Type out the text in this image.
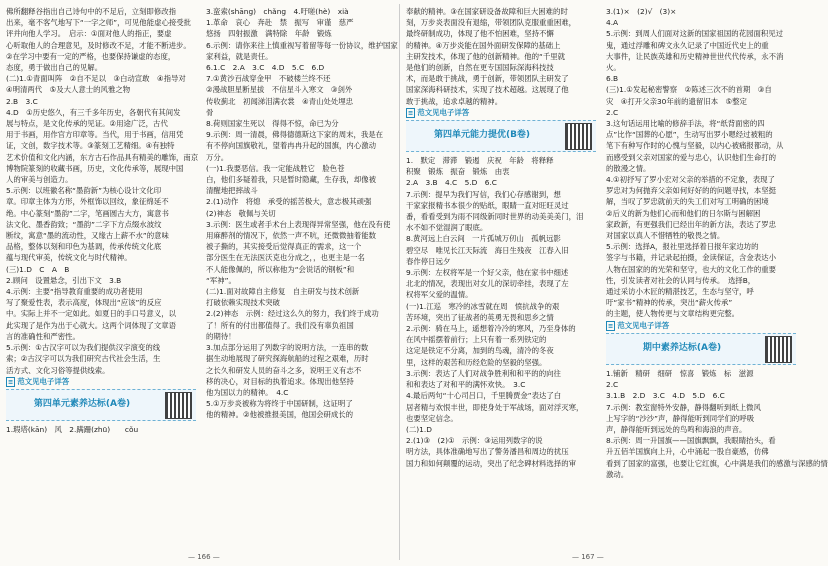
佛所翻释谷指出自己诗句中的不足后，立刻即修改指
出来，毫不客气地写下“一字之师”，可见他能虚心接受批
评并向他人学习。　启示：①面对他人的指正，要虚
心听取他人的合理意见，及时修改不足，才能不断进步。
②在学习中要有一定的严格，也要保持谦虚的态度，
态度，勇于做出自己的见解。
(二)1.①青面叫阵　②自不足以　③白动宣敢　④指导对
④明清两代　⑤及大人意士的风雅之物
2.B　3.C
4.D　①历史悠久，有三千多年历史，各朝代有其间发
展与特点，是文化传承的见证。②用途广泛，古代
用于书画，用作官方印章等。当代，用于书画，信用凭
证，文创，数字技术等。③篆刻工艺精细。④有独特
艺术价值和文化内涵，东方古石作品具有精美的雕饰，南京
博物院篆刻的收藏书画，历史，文化传承等，展现中国
人的审美与创造力。
5.示例：以班徽名称“墨韵新”为核心设计文化印
章。印章主体为方形，外框饰以回纹，象征绵延不
绝。中心篆刻“墨韵”二字，笔画圆古大方，寓意书
法文化、墨香韵致；“墨韵”二字下方点缀水波纹
断纹，寓意“墨的流动性，又缘古上薪不水”的意味
品格，整体以刻和印色为基调，传承传统文化底
蕴与现代审美，传统文化与时代精神。
(三)1.D　C　A　B
2.顾问　设置悬念，引出下文　3.B
4.示例：主要“指导教育重要的成功者使用
写了聚爱性表，表示高度，体现出“应该”的反应
中。实际上并不一定如此。如夏日的手口号意义，以
此实现了是作为出于心就大。这两个词体现了文章语
言的准确性和严密性。
5.示例：①古汉字可以为我们提供汉字演变的线
索；②古汉字可以为我们研究古代社会生活，生
活方式、文化习俗等提供线索。
≡ 范文见电子详答
第四单元素养达标(A卷)
1.瑕塔(kān)　风　2.蹒跚(zhū)　　cǒu
3.蛮索(shāng)　chǎng　4.吁嗟(hè)　xià
1.革命　哀心　奔赴　禁　振写　审谨　慈严
悠扬　四射振激　满特除　年龄　锻炼
6.示例：请你来往上慎重视写着留等每一份协议，维护国家
家利益，就是责任。
6.1.C　2.A　3.C　4.D　5.C　6.D
7.①黄沙百战穿金甲　不破楼兰终不还
②漫战胆星断星拔　不信星斗入寒文　③剑外
传收蓟北　初闻涕泪满衣裳　④青山处处埋忠
骨
8.荷则国家生死以　得得不惊，命已为分
9.示例：周一清晨，佛得德德斯这下家的周末，我是在
有不停向国旗敬礼，望着冉冉升起的国旗，内心激动
万分。
(一)1.我要恶信。我一定能战胜它　脸色苍
白，他们多疑着我，只是暂时隐藏，生存我，却像被
清醒地把摔战斗
2.(1)动作　将熄　承受的摇苦极大，意志极其顽强
(2)神态　敬佩与关切
3.示例：医生或者手术台上表现得异常坚强，他在没有使
用麻醉剂的情况下，依然一声不吭，还微微抽着能数
被子撕的，其实接受后觉得真正的需求，这一个
部分医生在无法医沃克也分成之，，也更主是一名
不人能像佩的，所以称他为“会说话的钢板”和
“军神”。
(二)1.面对故障自主修复　自主研发与技术创新
打破依赖实现技术突破
2.(2)神态　示例：经过这么久的努力，我们终于成功
了！所有的付出都值得了。我们没有辜负祖国
的期待！
3.加点部分运用了列数字的说明方法，一连串的数
据生动地展现了研究探海航船的过程之艰难，历时
之长久和研发人员的奋斗之多，说明王义有志不
移的决心，对目标的执着追求。体现出他坚持
他为国以力的精神。　4.C
5.①万步炎被称为将终于中国研制，这证明了
他的精神。②他被推报美国，他国会研成长的
奉献的精神。③在国家研设备故障和巨大困难的时
刻，万步炎表面没有退缩，带领团队克服重重困难，
最终研制成功，体现了他不怕困难，坚持不懈
的精神。④万步炎能在国外面研发保障的基础上
主研发技术，体现了他的创新精神。他的“千里就
是他们的创新，自然在更专国国际深海科技技
术，而是敢于挑战，勇于创新，带领团队主研发了
国家深海科研技术，实现了技术超越。这展现了他
敢于挑战，追求卓越的精神。
≡ 范文见电子详答
第四单元能力提优(B卷)
1.　默定　滞滞　锻遏　庆祝　年龄　将释释
积聚　锻炼　振奋　锻炼　由衷
2.A　3.B　4.C　5.D　6.C
7.示例：提早为我们写信，我们心存感谢到，想
干家家报精书本很少的贴纸，眼睛一直对旺旺灵过
番，看看受到为雨不同级新同时世界的动美美美门，泪
水不如不觉湿润了眼底。
8.黄河远上白云间　一片孤城万仞山　孤帆远影
碧空尽　唯见长江天际流　海日生残夜　江春入旧
春作停日远夕
9.示例：左权将军是一个好父亲，他在家书中细述
北北的情况，表现出对女儿的深切牵挂，表现了左
权将军父爱的温情。
(一)1.江巡　寒冷的冰雪就在周　愤抗战争的艰
苦环境，突出了征战者的英勇无畏和思乡之情
2.示例：骑在马上，遥想着冷冷的寒风，乃至身体的
在风中摇摆着前行；上只有着一系列铁定的
这定是铁定不分离，加到的鸟魂，清冷的冬夜
里，这样的艰苦和历经危险的坚毅的坚强。
3.示例：表达了人们对战争胜利和和平的的向往
和和表达了对和平的满怀欢快。　3.C
4.最后两句“十心司吕口，千里腾贾金”表达了白
居者精与欢恨丰世，即使身处于军战场，面对浮灭寒，
也要坚定信念。
(二)1.D
2.(1)③　(2)①　示例：③运用列数字的说
明方法，具体准确地写出了警务潘昌和周边的扰压
国力和如何颠覆的运动，突出了纪念碑材料选择的审
3.(1)×　(2)√　(3)×
4.A
5.示例：到周人们面对这新的国家祖国的花园面积见过
鬼，通过浮雕和碑文永久记录了中国近代史上的重
大事件，让民族英雄和历史精神世世代代传承，永不消
火。
6.B
(三)1.①发起秘密警察　②陈述三次不的首期　③自
灾　④打开父亲30年前的遗留旧本　⑤整定
2.C
3.这句话运用比喻的修辞手法，将“纸背面密的四
点”比作“国葬的心愿”，生动写出罗小嗯经过被粗的
笔下有种写作时的心愧与坚毅，以内心被痛报都动，从
而感受到父亲对国家的爱与忠心，认识他们生命打的
的散漫之情。
4.①初抒写了罗小宏对父亲的举措的不定象，表现了
罗忠对为何抛弃父亲如何好好的的问题寻找，本坚挺
解，当叹了罗忠就前天的失工们对写工明确的困境
②后义的新为他们心而和他们的日尔斯与困解困
家政新，有更强我们已经出年的新方法，表达了罗忠
对国家以真人不惜牺牲的敬畏之情。
5.示例：选择A，报社里选择着日报年家边坊的
签字与书籍，并记录起拍摄，金读保证，含金表达小
人物在国家的的光荣和坚守，也大的文化工作的重要
性，引发读者对社会的认同与传承。　选择B，
通过采访小木匠的精湛技艺，生态与坚守，呼
吁“家书”精神的传承，突出“薪火传承”
的主题，使人物传更与文章结构更完整。
≡ 范文见电子详答
期中素养达标(A卷)
1.铺新　精研　细研　惊喜　锻炼　标　滋源
2.C
3.1.B　2.D　3.C　4.D　5.D　6.C
7.示例：教室窗特外安静，静得翻听到纸上微风
上写字的“沙沙”声，静得能听到同学们的呼吸
声，静得能听到远处的鸟鸣和海浪的声音。
8.示例：周一升国旗——国旗飘飘，我眼睛抬头，看
升五佰羊国旗向上升，心中涌起一股自豪感，仿佛
看到了国家的富强，也要让它红旗，心中满是我们的感激与深感的情
激动。
— 166 —	— 167 —
